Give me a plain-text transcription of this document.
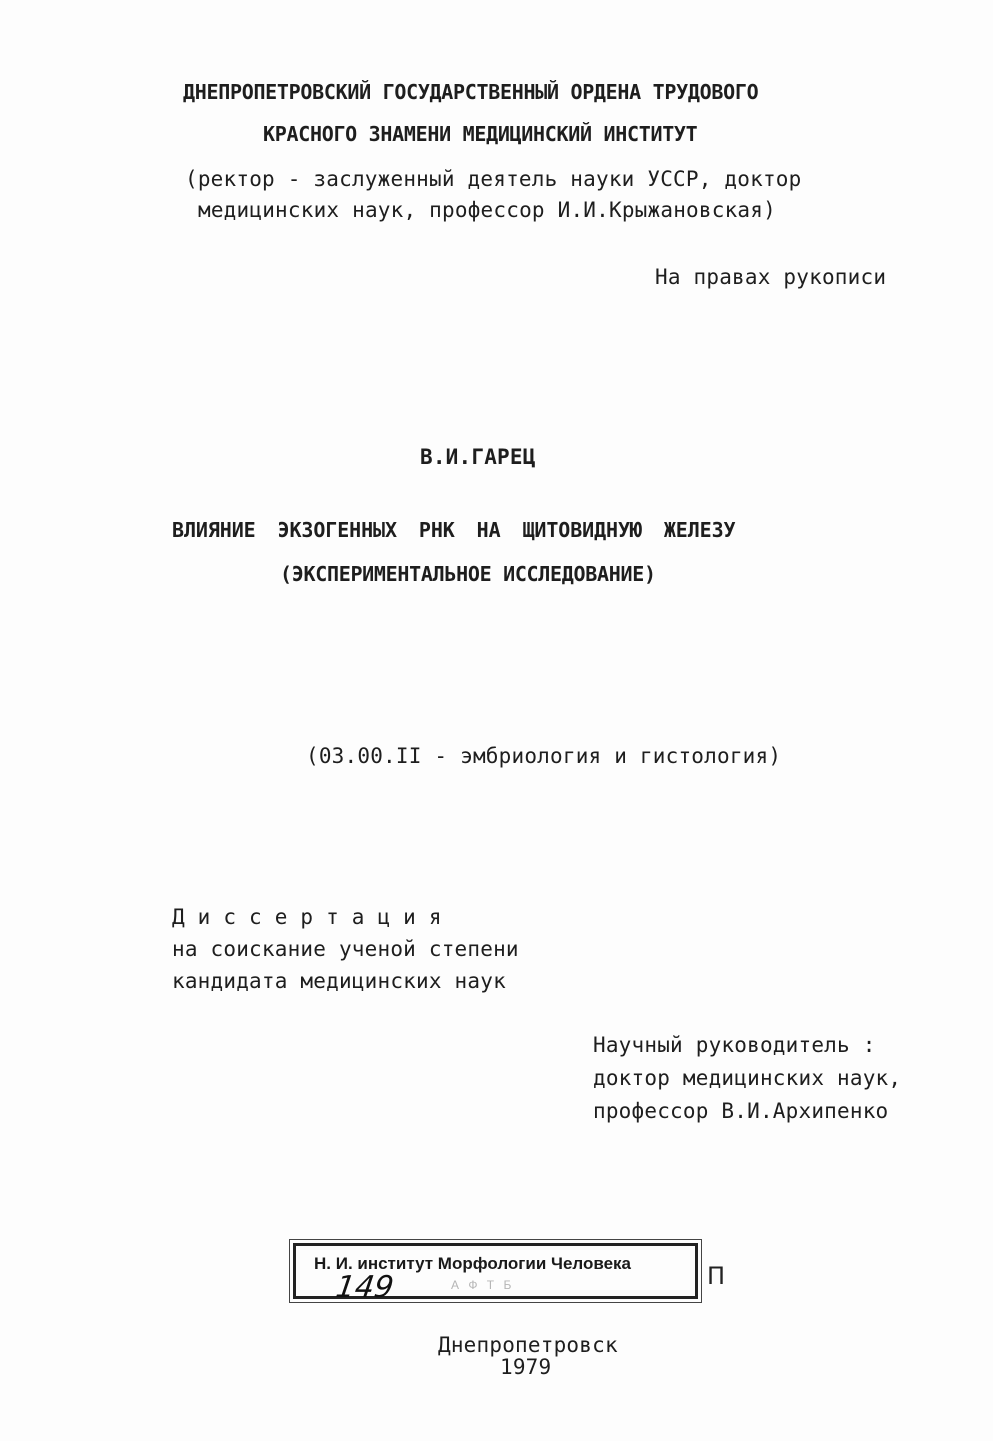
ДНЕПРОПЕТРОВСКИЙ ГОСУДАРСТВЕННЫЙ ОРДЕНА ТРУДОВОГО
КРАСНОГО ЗНАМЕНИ МЕДИЦИНСКИЙ ИНСТИТУТ
(ректор - заслуженный деятель науки УССР, доктор
медицинских наук, профессор И.И.Крыжановская)
На правах рукописи
В.И.ГАРЕЦ
ВЛИЯНИЕ ЭКЗОГЕННЫХ РНК НА ЩИТОВИДНУЮ ЖЕЛЕЗУ
(ЭКСПЕРИМЕНТАЛЬНОЕ ИССЛЕДОВАНИЕ)
(03.00.II - эмбриология и гистология)
Д и с с е р т а ц и я
на соискание ученой степени
кандидата медицинских наук
Научный руководитель :
доктор медицинских наук,
профессор В.И.Архипенко
Н. И. институт Морфологии Человека
149	А Ф Т Б	П
Днепропетровск
1979
